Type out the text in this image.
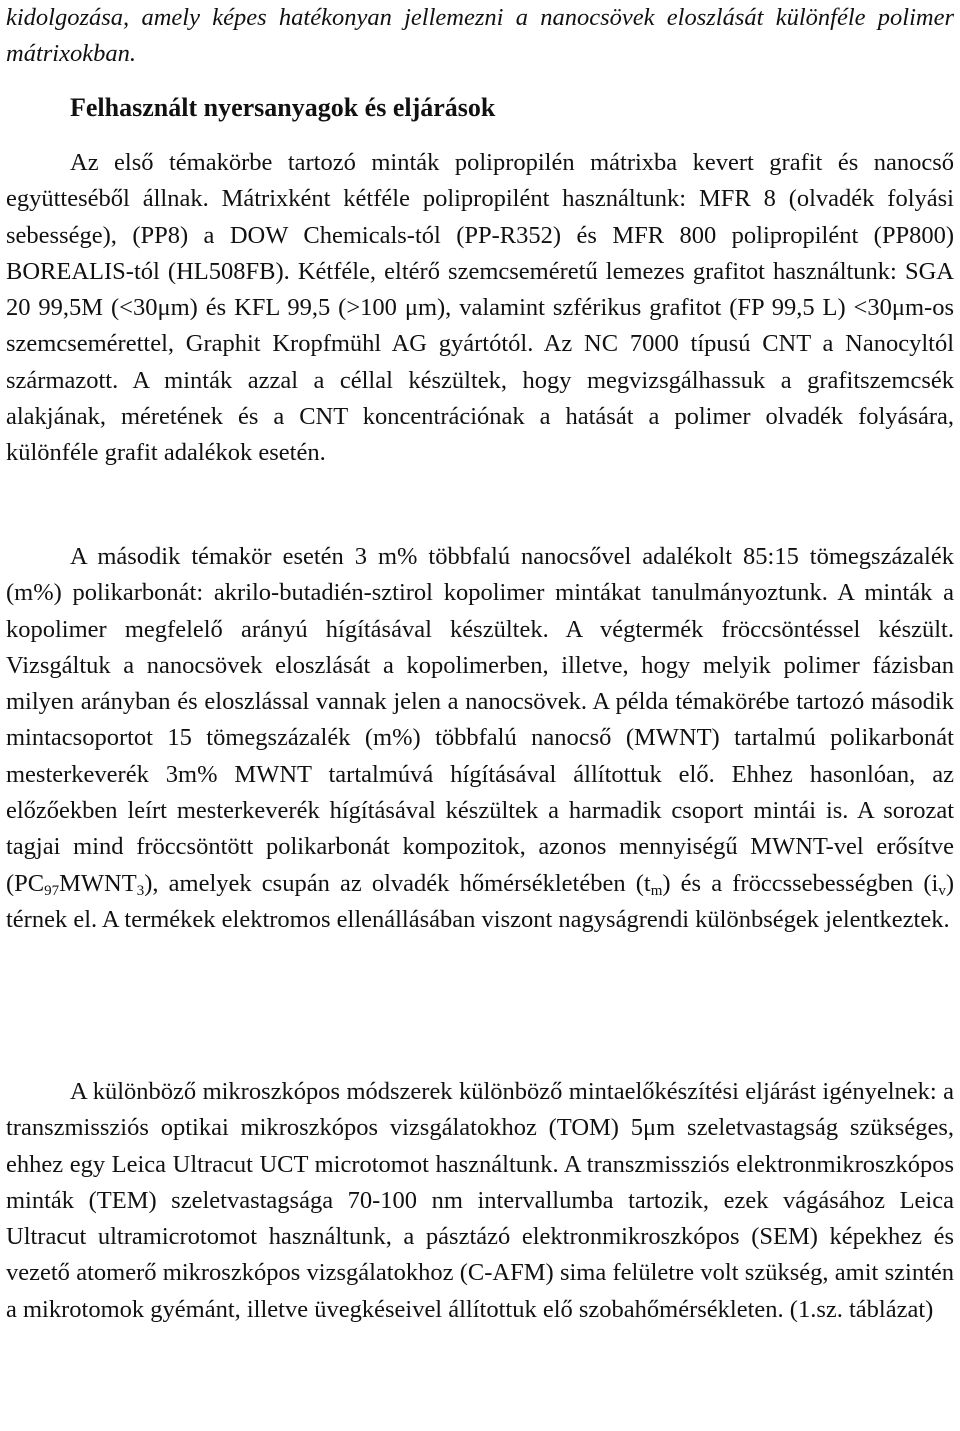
kidolgozása, amely képes hatékonyan jellemezni a nanocsövek eloszlását különféle polimer mátrixokban.
Felhasznált nyersanyagok és eljárások
Az első témakörbe tartozó minták polipropilén mátrixba kevert grafit és nanocső együtteséből állnak. Mátrixként kétféle polipropilént használtunk: MFR 8 (olvadék folyási sebessége), (PP8) a DOW Chemicals-tól (PP-R352) és MFR 800 polipropilént (PP800) BOREALIS-tól (HL508FB). Kétféle, eltérő szemcseméretű lemezes grafitot használtunk: SGA 20 99,5M (<30μm) és KFL 99,5 (>100 μm), valamint szférikus grafitot (FP 99,5 L) <30μm-os szemcsemérettel, Graphit Kropfmühl AG gyártótól. Az NC 7000 típusú CNT a Nanocyltól származott. A minták azzal a céllal készültek, hogy megvizsgálhassuk a grafitszemcsék alakjának, méretének és a CNT koncentrációnak a hatását a polimer olvadék folyására, különféle grafit adalékok esetén.
A második témakör esetén 3 m% többfalú nanocsővel adalékolt 85:15 tömegszázalék (m%) polikarbonát: akrilo-butadién-sztirol kopolimer mintákat tanulmányoztunk. A minták a kopolimer megfelelő arányú hígításával készültek. A végtermék fröccsöntéssel készült. Vizsgáltuk a nanocsövek eloszlását a kopolimerben, illetve, hogy melyik polimer fázisban milyen arányban és eloszlással vannak jelen a nanocsövek. A példa témakörébe tartozó második mintacsoportot 15 tömegszázalék (m%) többfalú nanocső (MWNT) tartalmú polikarbonát mesterkeverék 3m% MWNT tartalmúvá hígításával állítottuk elő. Ehhez hasonlóan, az előzőekben leírt mesterkeverék hígításával készültek a harmadik csoport mintái is. A sorozat tagjai mind fröccsöntött polikarbonát kompozitok, azonos mennyiségű MWNT-vel erősítve $(PC_{97}MWNT_3)$, amelyek csupán az olvadék hőmérsékletében $(t_m)$ és a fröccssebességben $(i_v)$ térnek el. A termékek elektromos ellenállásában viszont nagyságrendi különbségek jelentkeztek.
A különböző mikroszkópos módszerek különböző mintaelőkészítési eljárást igényelnek: a transzmissziós optikai mikroszkópos vizsgálatokhoz (TOM) 5μm szeletvastagság szükséges, ehhez egy Leica Ultracut UCT microtomot használtunk. A transzmissziós elektronmikroszkópos minták (TEM) szeletvastagsága 70-100 nm intervallumba tartozik, ezek vágásához Leica Ultracut ultramicrotomot használtunk, a pásztázó elektronmikroszkópos (SEM) képekhez és vezető atomerő mikroszkópos vizsgálatokhoz (C-AFM) sima felületre volt szükség, amit szintén a mikrotomok gyémánt, illetve üvegkéseivel állítottuk elő szobahőmérsékleten. (1.sz. táblázat)
